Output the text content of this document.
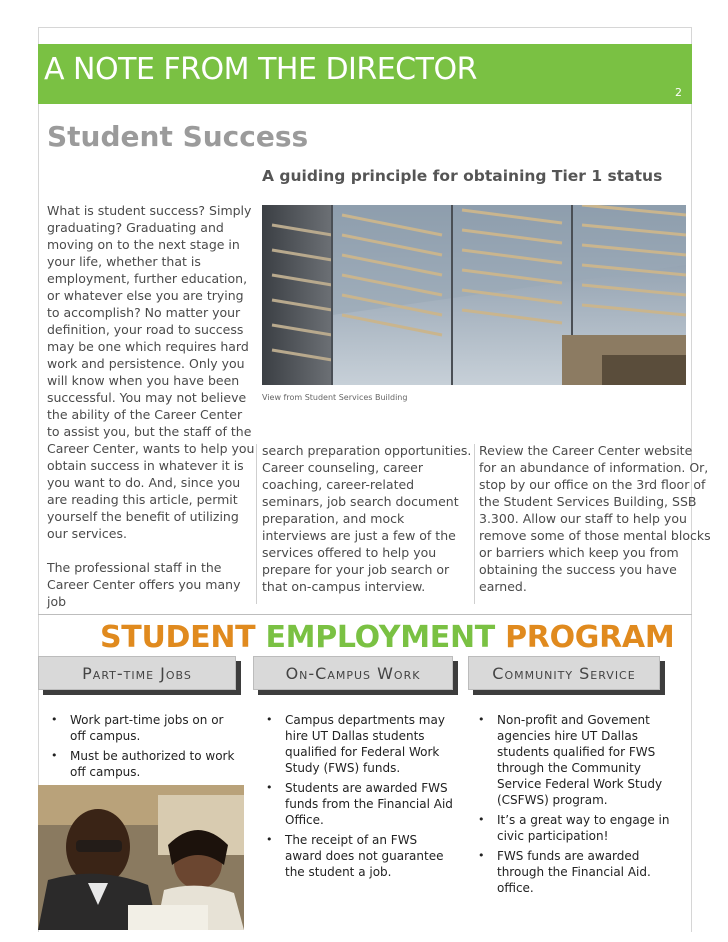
A NOTE FROM THE DIRECTOR
2
Student Success
A guiding principle for obtaining Tier 1 status

What is student success? Simply graduating? Graduating and moving on to the next stage in your life, whether that is employment, further education, or whatever else you are trying to accomplish? No matter your definition, your road to success may be one which requires hard work and persistence. Only you will know when you have been successful. You may not believe the ability of the Career Center to assist you, but the staff of the Career Center, wants to help you obtain success in whatever it is you want to do. And, since you are reading this article, permit yourself the benefit of utilizing our services.

The professional staff in the Career Center offers you many job

View from Student Services Building
search preparation opportunities. Career counseling, career coaching, career-related seminars, job search document preparation, and mock interviews are just a few of the services offered to help you prepare for your job search or that on-campus interview.
Review the Career Center website for an abundance of information. Or, stop by our office on the 3rd floor of the Student Services Building, SSB 3.300. Allow our staff to help you remove some of those mental blocks or barriers which keep you from obtaining the success you have earned.
STUDENT EMPLOYMENT PROGRAM
Part-time Jobs	On-Campus Work	Community Service
• Work part-time jobs on or off campus.
• Must be authorized to work off campus.
• Campus departments may hire UT Dallas students qualified for Federal Work Study (FWS) funds.
• Students are awarded FWS funds from the Financial Aid Office.
• The receipt of an FWS award does not guarantee the student a job.
• Non-profit and Govement agencies hire UT Dallas students qualified for FWS through the Community Service Federal Work Study (CSFWS) program.
• It’s a great way to engage in civic participation!
• FWS funds are awarded through the Financial Aid. office.
